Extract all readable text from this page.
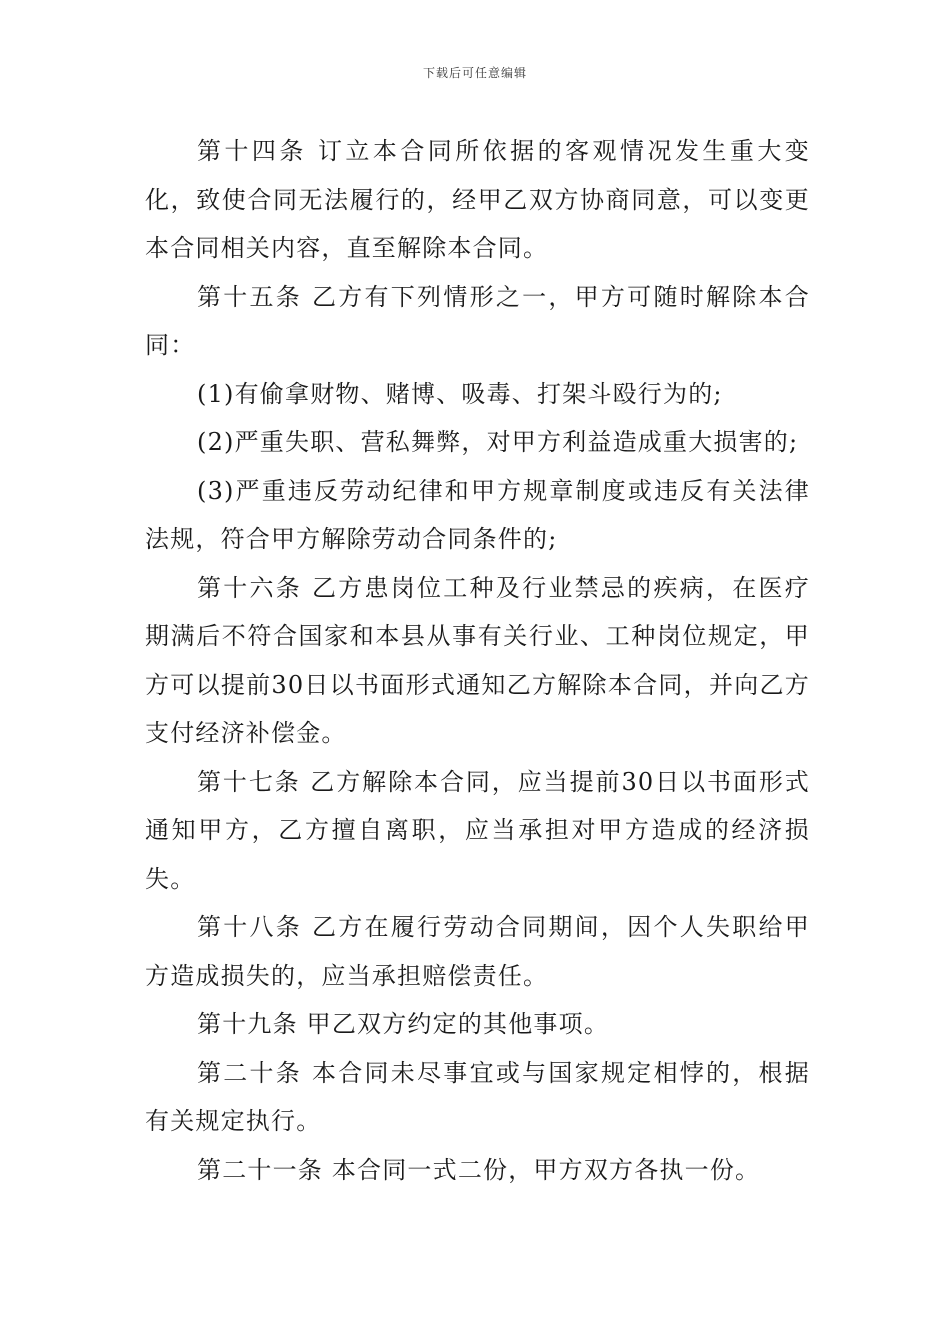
下载后可任意编辑

第十四条 订立本合同所依据的客观情况发生重大变化，致使合同无法履行的，经甲乙双方协商同意，可以变更本合同相关内容，直至解除本合同。

第十五条 乙方有下列情形之一，甲方可随时解除本合同：

(1)有偷拿财物、赌博、吸毒、打架斗殴行为的;

(2)严重失职、营私舞弊，对甲方利益造成重大损害的;

(3)严重违反劳动纪律和甲方规章制度或违反有关法律法规，符合甲方解除劳动合同条件的;

第十六条 乙方患岗位工种及行业禁忌的疾病，在医疗期满后不符合国家和本县从事有关行业、工种岗位规定，甲方可以提前30日以书面形式通知乙方解除本合同，并向乙方支付经济补偿金。

第十七条 乙方解除本合同，应当提前30日以书面形式通知甲方，乙方擅自离职，应当承担对甲方造成的经济损失。

第十八条 乙方在履行劳动合同期间，因个人失职给甲方造成损失的，应当承担赔偿责任。

第十九条 甲乙双方约定的其他事项。

第二十条 本合同未尽事宜或与国家规定相悖的，根据有关规定执行。

第二十一条 本合同一式二份，甲方双方各执一份。
